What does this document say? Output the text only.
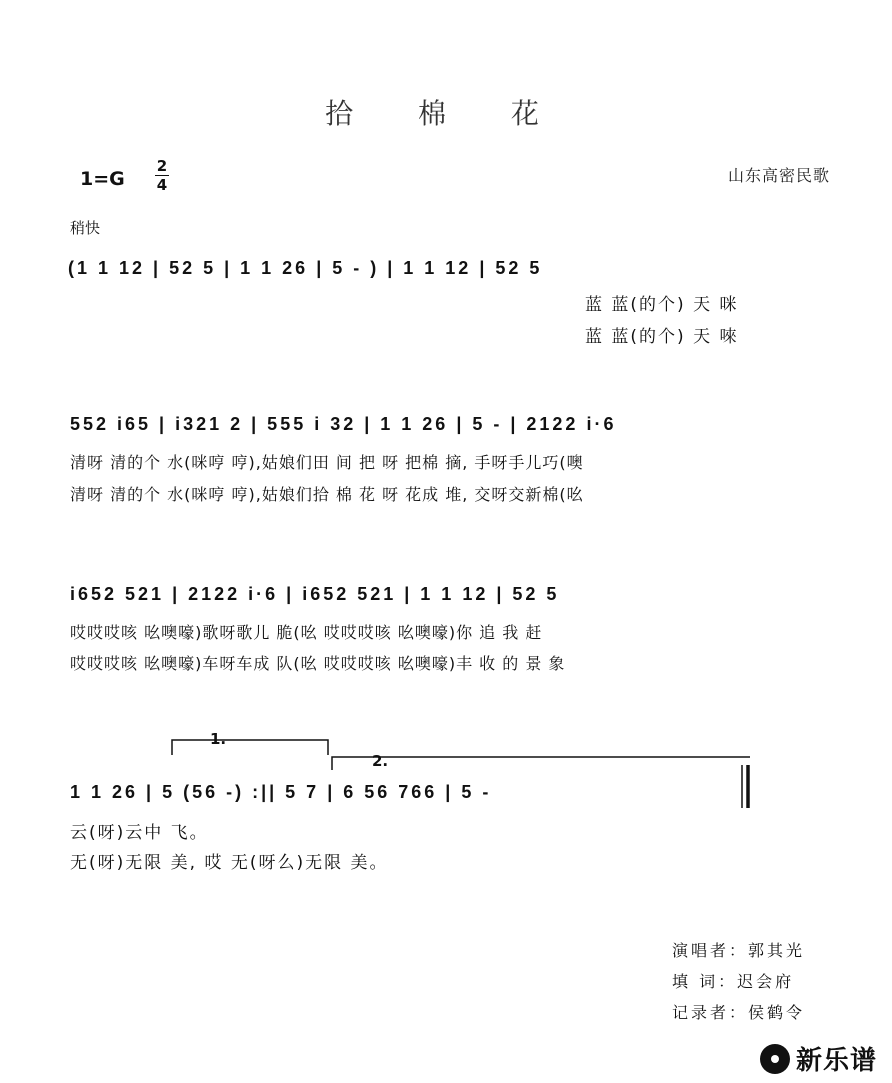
拾 棉 花
1=G
2
4	山东高密民歌
稍快
(1 1 12 | 52 5 | 1 1 26 | 5 - ) | 1 1 12 | 52 5
蓝 蓝(的个) 天 咪
蓝 蓝(的个) 天 唻
552 i65 | i321 2 | 555 i 32 | 1 1 26 | 5 - | 2122 i·6
清呀 清的个 水(咪哼 哼),姑娘们田 间 把 呀 把棉 摘, 手呀手儿巧(噢
清呀 清的个 水(咪哼 哼),姑娘们拾 棉 花 呀 花成 堆, 交呀交新棉(吆
i652 521 | 2122 i·6 | i652 521 | 1 1 12 | 52 5
哎哎哎咳 吆噢嚎)歌呀歌儿 脆(吆 哎哎哎咳 吆噢嚎)你 追 我 赶
哎哎哎咳 吆噢嚎)车呀车成 队(吆 哎哎哎咳 吆噢嚎)丰 收 的 景 象
1.
2.
1 1 26 | 5 (56 -) :|| 5 7 | 6 56 766 | 5 -
云(呀)云中 飞。
无(呀)无限 美, 哎 无(呀么)无限 美。
演唱者：郭其光
填 词：迟会府
记录者：侯鹤令
新乐谱
